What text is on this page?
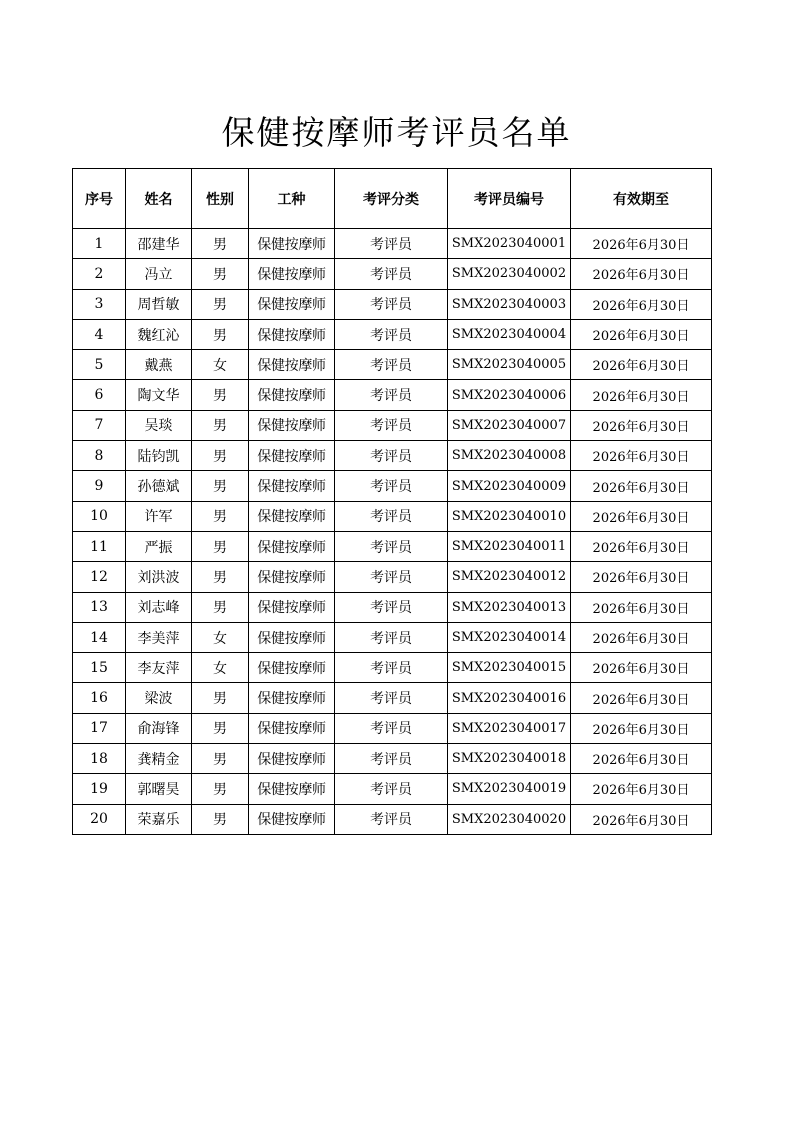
保健按摩师考评员名单
序号	姓名	性别	工种	考评分类	考评员编号	有效期至
1	邵建华	男	保健按摩师	考评员	SMX2023040001	2026年6月30日
2	冯立	男	保健按摩师	考评员	SMX2023040002	2026年6月30日
3	周哲敏	男	保健按摩师	考评员	SMX2023040003	2026年6月30日
4	魏红沁	男	保健按摩师	考评员	SMX2023040004	2026年6月30日
5	戴燕	女	保健按摩师	考评员	SMX2023040005	2026年6月30日
6	陶文华	男	保健按摩师	考评员	SMX2023040006	2026年6月30日
7	吴琰	男	保健按摩师	考评员	SMX2023040007	2026年6月30日
8	陆钧凯	男	保健按摩师	考评员	SMX2023040008	2026年6月30日
9	孙德斌	男	保健按摩师	考评员	SMX2023040009	2026年6月30日
10	许军	男	保健按摩师	考评员	SMX2023040010	2026年6月30日
11	严振	男	保健按摩师	考评员	SMX2023040011	2026年6月30日
12	刘洪波	男	保健按摩师	考评员	SMX2023040012	2026年6月30日
13	刘志峰	男	保健按摩师	考评员	SMX2023040013	2026年6月30日
14	李美萍	女	保健按摩师	考评员	SMX2023040014	2026年6月30日
15	李友萍	女	保健按摩师	考评员	SMX2023040015	2026年6月30日
16	梁波	男	保健按摩师	考评员	SMX2023040016	2026年6月30日
17	俞海锋	男	保健按摩师	考评员	SMX2023040017	2026年6月30日
18	龚精金	男	保健按摩师	考评员	SMX2023040018	2026年6月30日
19	郭曙昊	男	保健按摩师	考评员	SMX2023040019	2026年6月30日
20	荣嘉乐	男	保健按摩师	考评员	SMX2023040020	2026年6月30日
